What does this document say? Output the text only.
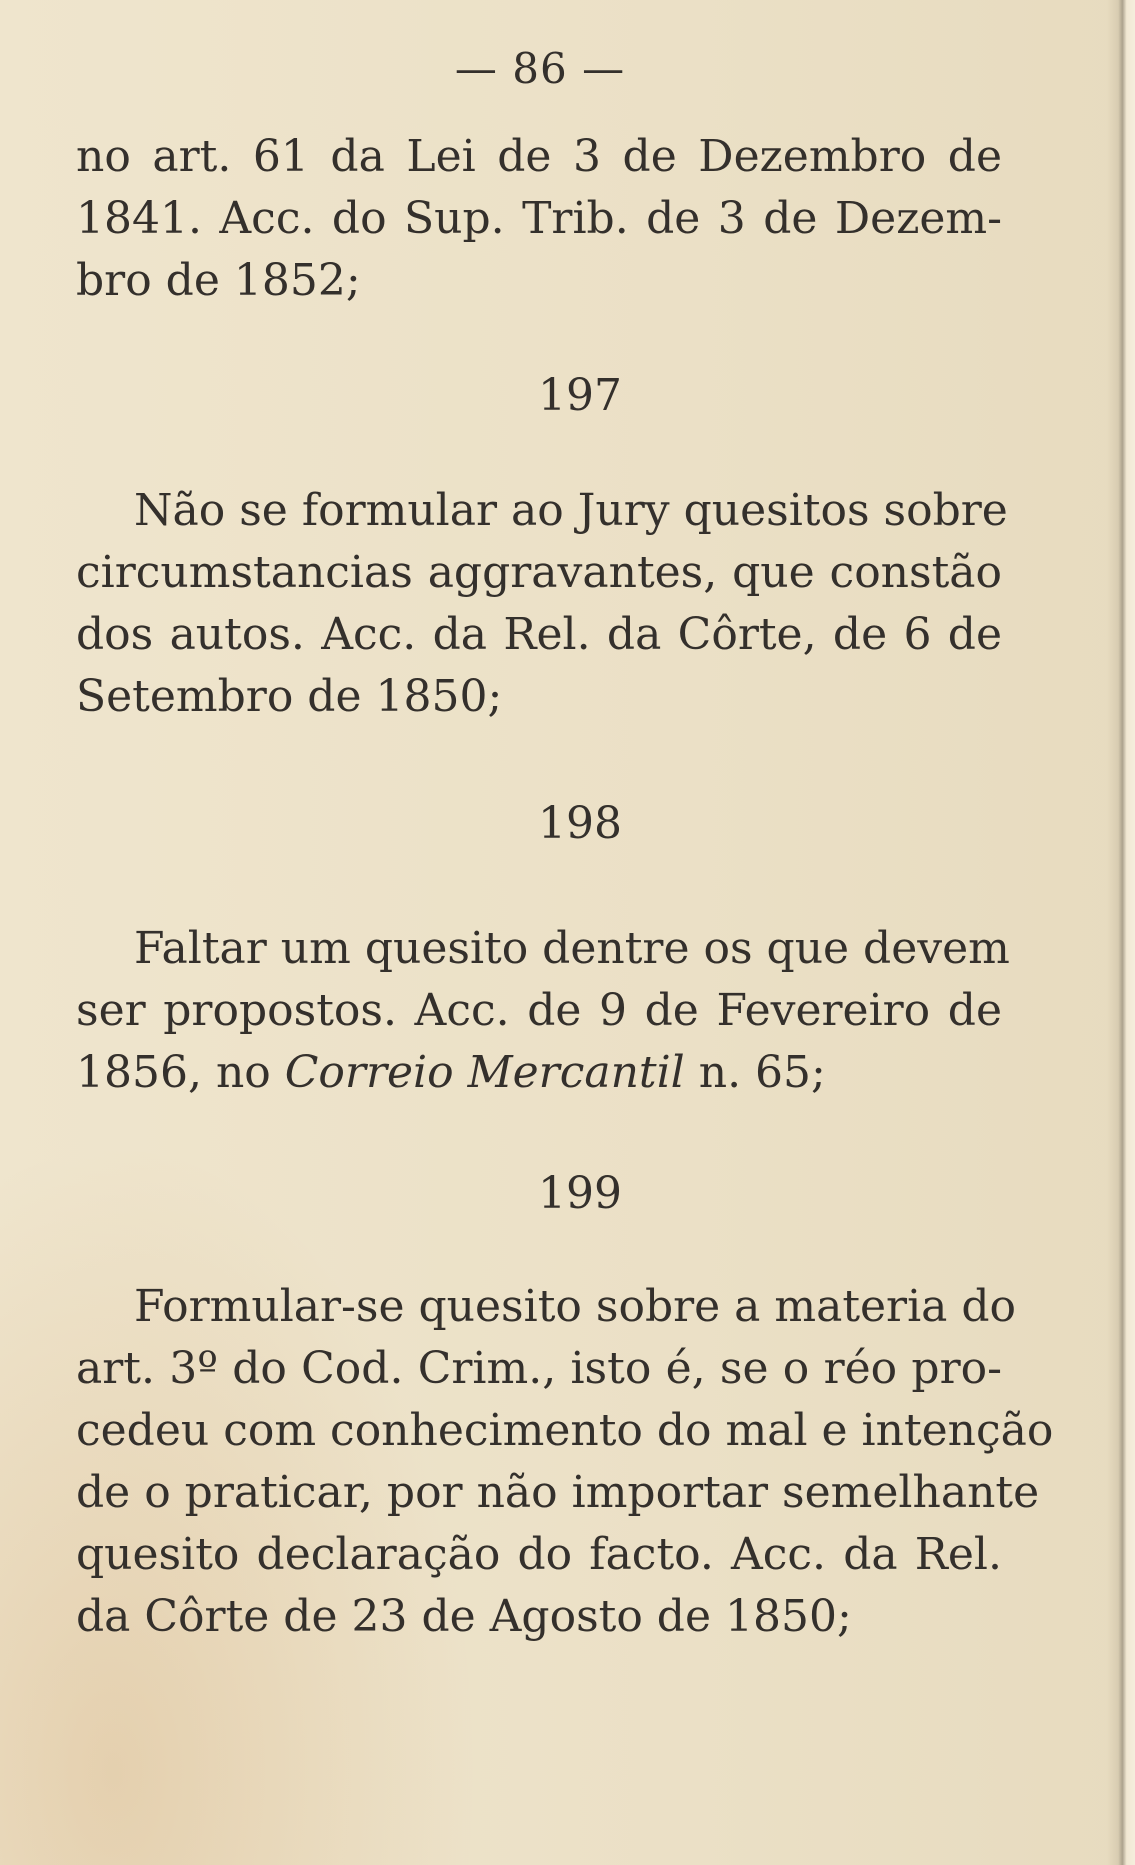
— 86 —
no art. 61 da Lei de 3 de Dezembro de
1841. Acc. do Sup. Trib. de 3 de Dezem-
bro de 1852;
197
Não se formular ao Jury quesitos sobre
circumstancias aggravantes, que constão
dos autos. Acc. da Rel. da Côrte, de 6 de
Setembro de 1850;
198
Faltar um quesito dentre os que devem
ser propostos. Acc. de 9 de Fevereiro de
1856, no Correio Mercantil n. 65;
199
Formular-se quesito sobre a materia do
art. 3º do Cod. Crim., isto é, se o réo pro-
cedeu com conhecimento do mal e intenção
de o praticar, por não importar semelhante
quesito declaração do facto. Acc. da Rel.
da Côrte de 23 de Agosto de 1850;
